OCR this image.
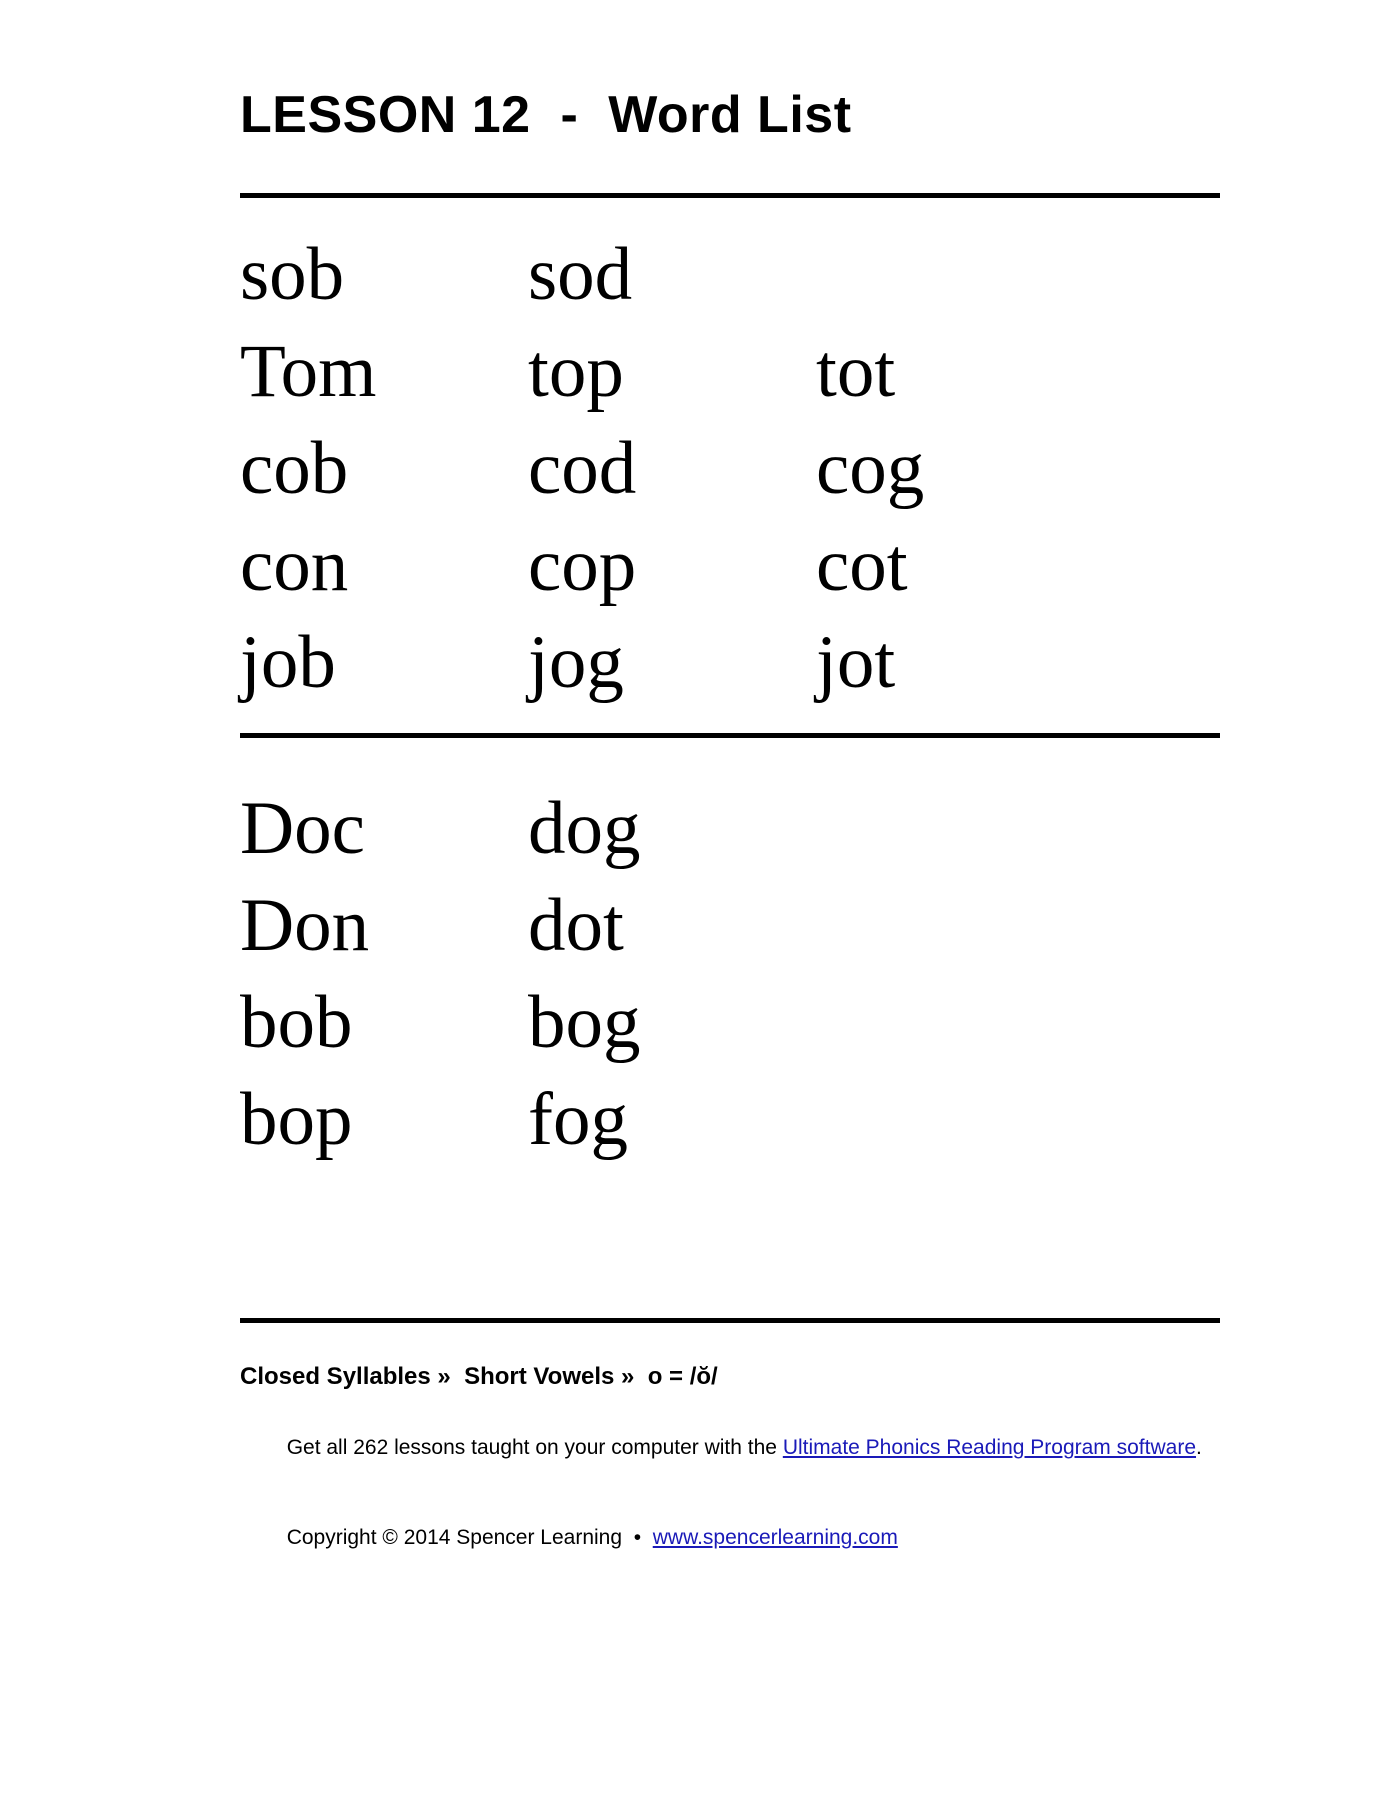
LESSON 12  -  Word List
sob	sod
Tom	top	tot
cob	cod	cog
con	cop	cot
job	jog	jot
Doc	dog
Don	dot
bob	bog
bop	fog
Closed Syllables »  Short Vowels »  o = /ŏ/

Get all 262 lessons taught on your computer with the Ultimate Phonics Reading Program software.

Copyright © 2014 Spencer Learning  •  www.spencerlearning.com
